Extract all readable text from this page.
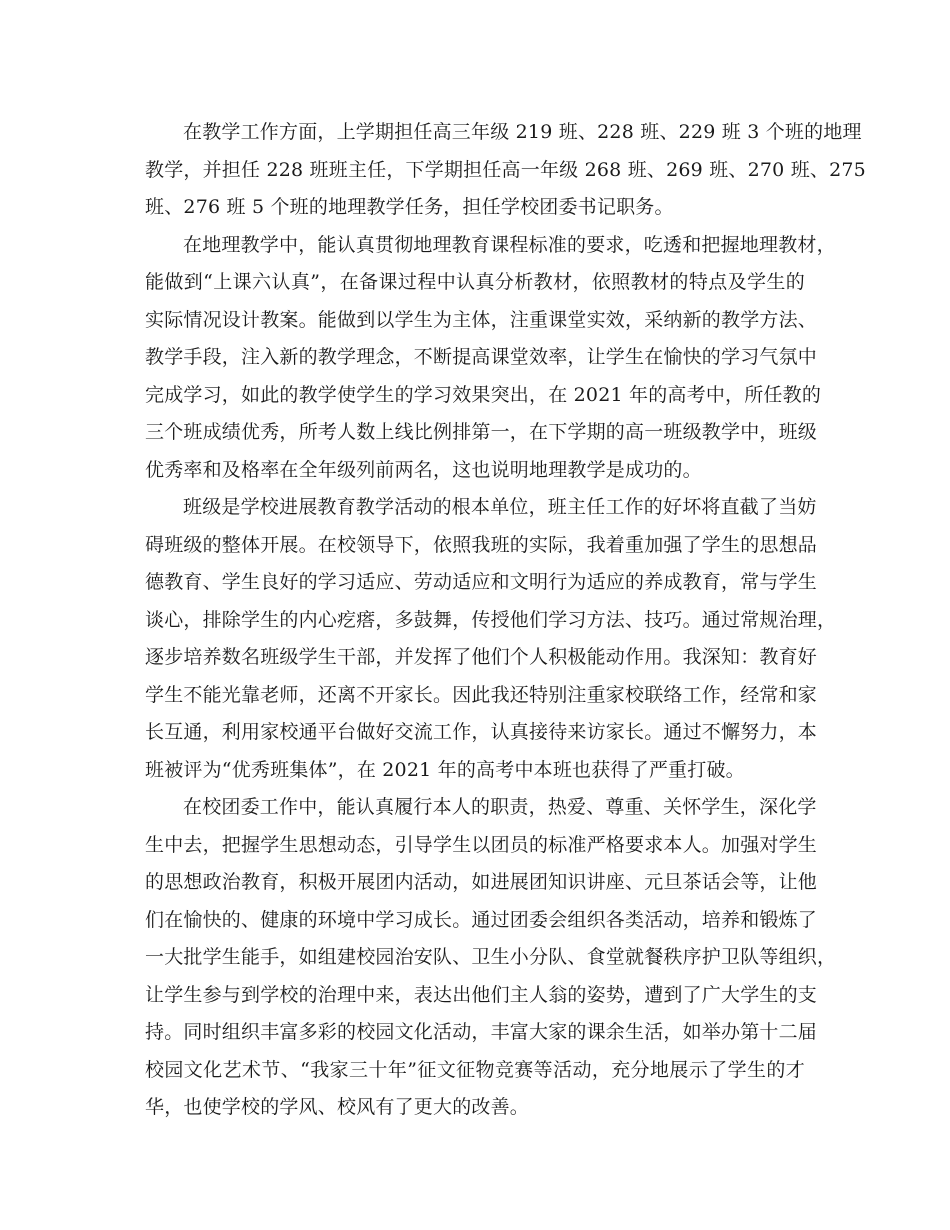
在教学工作方面，上学期担任高三年级 219 班、228 班、229 班 3 个班的地理
教学，并担任 228 班班主任，下学期担任高一年级 268 班、269 班、270 班、275
班、276 班 5 个班的地理教学任务，担任学校团委书记职务。
在地理教学中，能认真贯彻地理教育课程标准的要求，吃透和把握地理教材，
能做到“上课六认真”，在备课过程中认真分析教材，依照教材的特点及学生的
实际情况设计教案。能做到以学生为主体，注重课堂实效，采纳新的教学方法、
教学手段，注入新的教学理念，不断提高课堂效率，让学生在愉快的学习气氛中
完成学习，如此的教学使学生的学习效果突出，在 2021 年的高考中，所任教的
三个班成绩优秀，所考人数上线比例排第一，在下学期的高一班级教学中，班级
优秀率和及格率在全年级列前两名，这也说明地理教学是成功的。
班级是学校进展教育教学活动的根本单位，班主任工作的好坏将直截了当妨
碍班级的整体开展。在校领导下，依照我班的实际，我着重加强了学生的思想品
德教育、学生良好的学习适应、劳动适应和文明行为适应的养成教育，常与学生
谈心，排除学生的内心疙瘩，多鼓舞，传授他们学习方法、技巧。通过常规治理，
逐步培养数名班级学生干部，并发挥了他们个人积极能动作用。我深知：教育好
学生不能光靠老师，还离不开家长。因此我还特别注重家校联络工作，经常和家
长互通，利用家校通平台做好交流工作，认真接待来访家长。通过不懈努力，本
班被评为“优秀班集体”，在 2021 年的高考中本班也获得了严重打破。
在校团委工作中，能认真履行本人的职责，热爱、尊重、关怀学生，深化学
生中去，把握学生思想动态，引导学生以团员的标准严格要求本人。加强对学生
的思想政治教育，积极开展团内活动，如进展团知识讲座、元旦茶话会等，让他
们在愉快的、健康的环境中学习成长。通过团委会组织各类活动，培养和锻炼了
一大批学生能手，如组建校园治安队、卫生小分队、食堂就餐秩序护卫队等组织，
让学生参与到学校的治理中来，表达出他们主人翁的姿势，遭到了广大学生的支
持。同时组织丰富多彩的校园文化活动，丰富大家的课余生活，如举办第十二届
校园文化艺术节、“我家三十年”征文征物竞赛等活动，充分地展示了学生的才
华，也使学校的学风、校风有了更大的改善。
